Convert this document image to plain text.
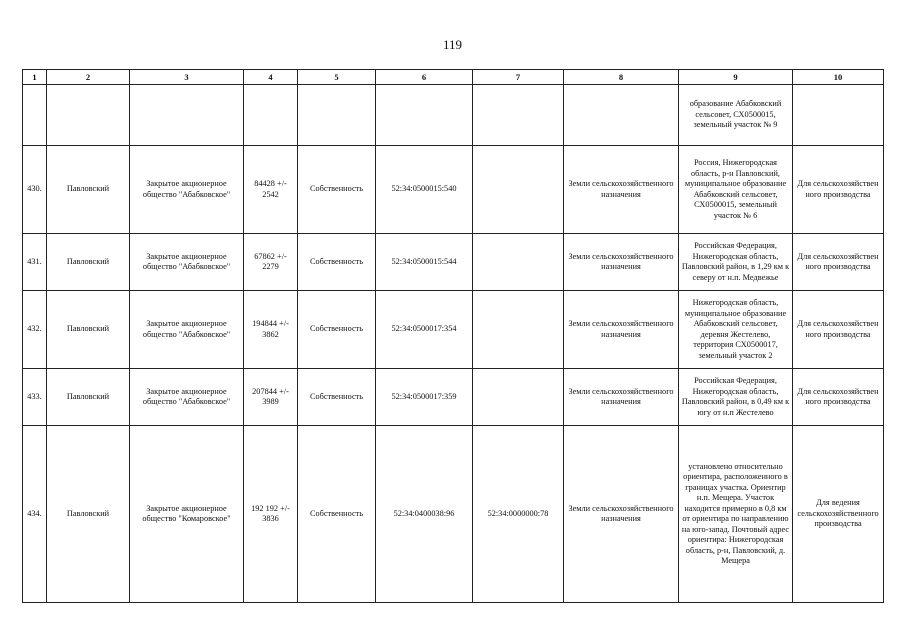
119
1	2	3	4	5	6	7	8	9	10
								образование Абабковский сельсовет, СХ0500015, земельный участок № 9	
430.	Павловский	Закрытое акционерное общество "Абабковское"	84428 +/- 2542	Собственность	52:34:0500015:540		Земли сельскохозяйственного назначения	Россия, Нижегородская область, р-н Павловский, муниципальное образование Абабковский сельсовет, СХ0500015, земельный участок № 6	Для сельскохозяйствен ного производства
431.	Павловский	Закрытое акционерное общество "Абабковское"	67862 +/- 2279	Собственность	52:34:0500015:544		Земли сельскохозяйственного назначения	Российская Федерация, Нижегородская область, Павловский район, в 1,29 км к северу от н.п. Медвежье	Для сельскохозяйствен ного производства
432.	Павловский	Закрытое акционерное общество "Абабковское"	194844 +/- 3862	Собственность	52:34:0500017:354		Земли сельскохозяйственного назначения	Нижегородская область, муниципальное образование Абабковский сельсовет, деревня Жестелево, территория СХ0500017, земельный участок 2	Для сельскохозяйствен ного производства
433.	Павловский	Закрытое акционерное общество "Абабковское"	207844 +/- 3989	Собственность	52:34:0500017:359		Земли сельскохозяйственного назначения	Российская Федерация, Нижегородская область, Павловский район, в 0,49 км к югу от н.п Жестелево	Для сельскохозяйствен ного производства
434.	Павловский	Закрытое акционерное общество "Комаровское"	192 192 +/- 3836	Собственность	52:34:0400038:96	52:34:0000000:78	Земли сельскохозяйственного назначения	установлено относительно ориентира, расположенного в границах участка. Ориентир н.п. Мещера. Участок находится примерно в 0,8 км от ориентира по направлению на юго-запад. Почтовый адрес ориентира: Нижегородская область, р-н, Павловский, д. Мещера	Для ведения сельскохозяйственного производства
